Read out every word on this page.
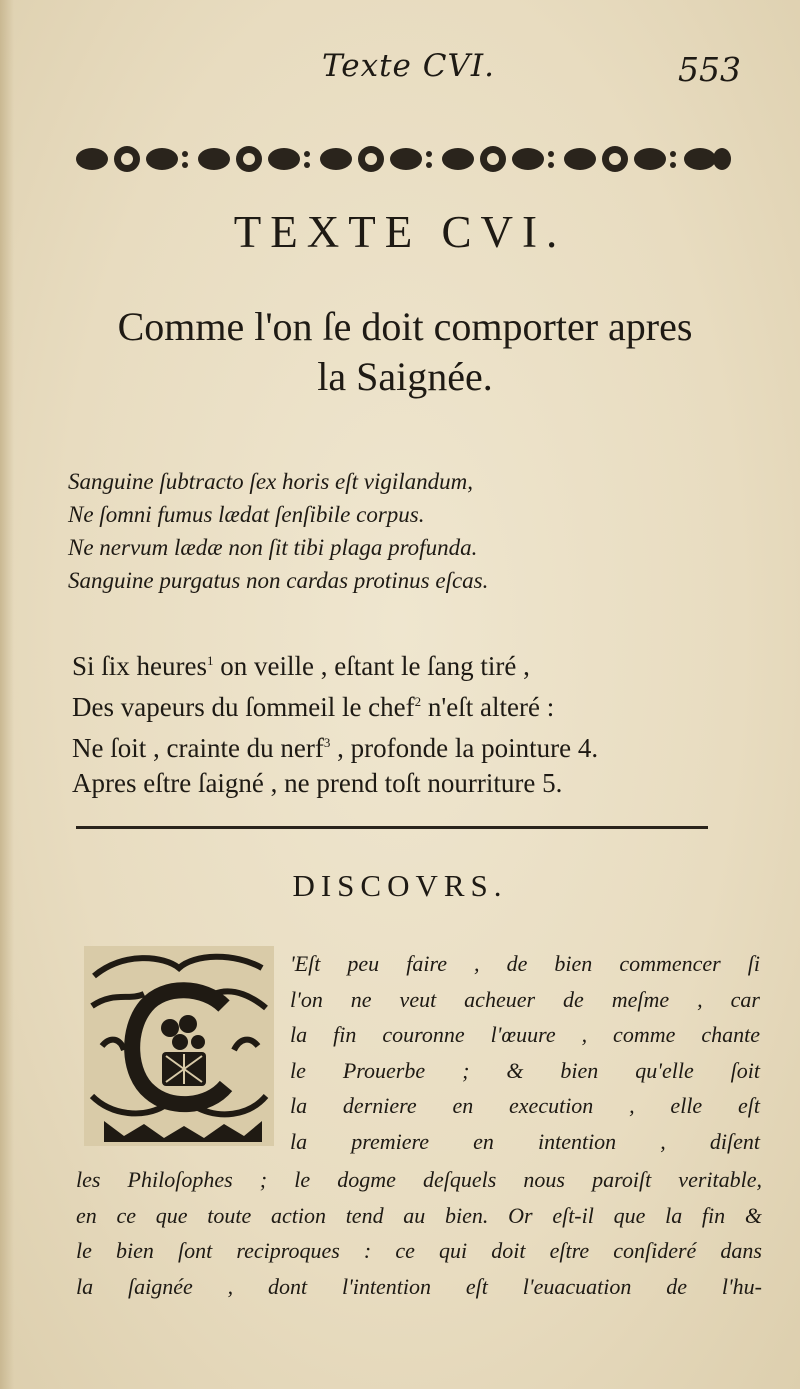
Texte CVI.	553
TEXTE CVI.
Comme l'on ſe doit comporter apres
la Saignée.
Sanguine ſubtracto ſex horis eſt vigilandum,
Ne ſomni fumus lædat ſenſibile corpus.
Ne nervum lædæ non ſit tibi plaga profunda.
Sanguine purgatus non cardas protinus eſcas.
Si ſix heures$^1$ on veille , eſtant le ſang tiré ,
Des vapeurs du ſommeil le chef$^2$ n'eſt alteré :
Ne ſoit , crainte du nerf$^3$ , profonde la pointure 4.
Apres eſtre ſaigné , ne prend toſt nourriture 5.
DISCOVRS.
'Eſt peu faire , de bien commencer ſi
l'on ne veut acheuer de meſme , car
la fin couronne l'œuure , comme chante
le Prouerbe ; & bien qu'elle ſoit
la derniere en execution , elle eſt
la premiere en intention , diſent
les Philoſophes ; le dogme deſquels nous paroiſt veritable,
en ce que toute action tend au bien. Or eſt-il que la fin &
le bien ſont reciproques : ce qui doit eſtre conſideré dans
la ſaignée , dont l'intention eſt l'euacuation de l'hu-
